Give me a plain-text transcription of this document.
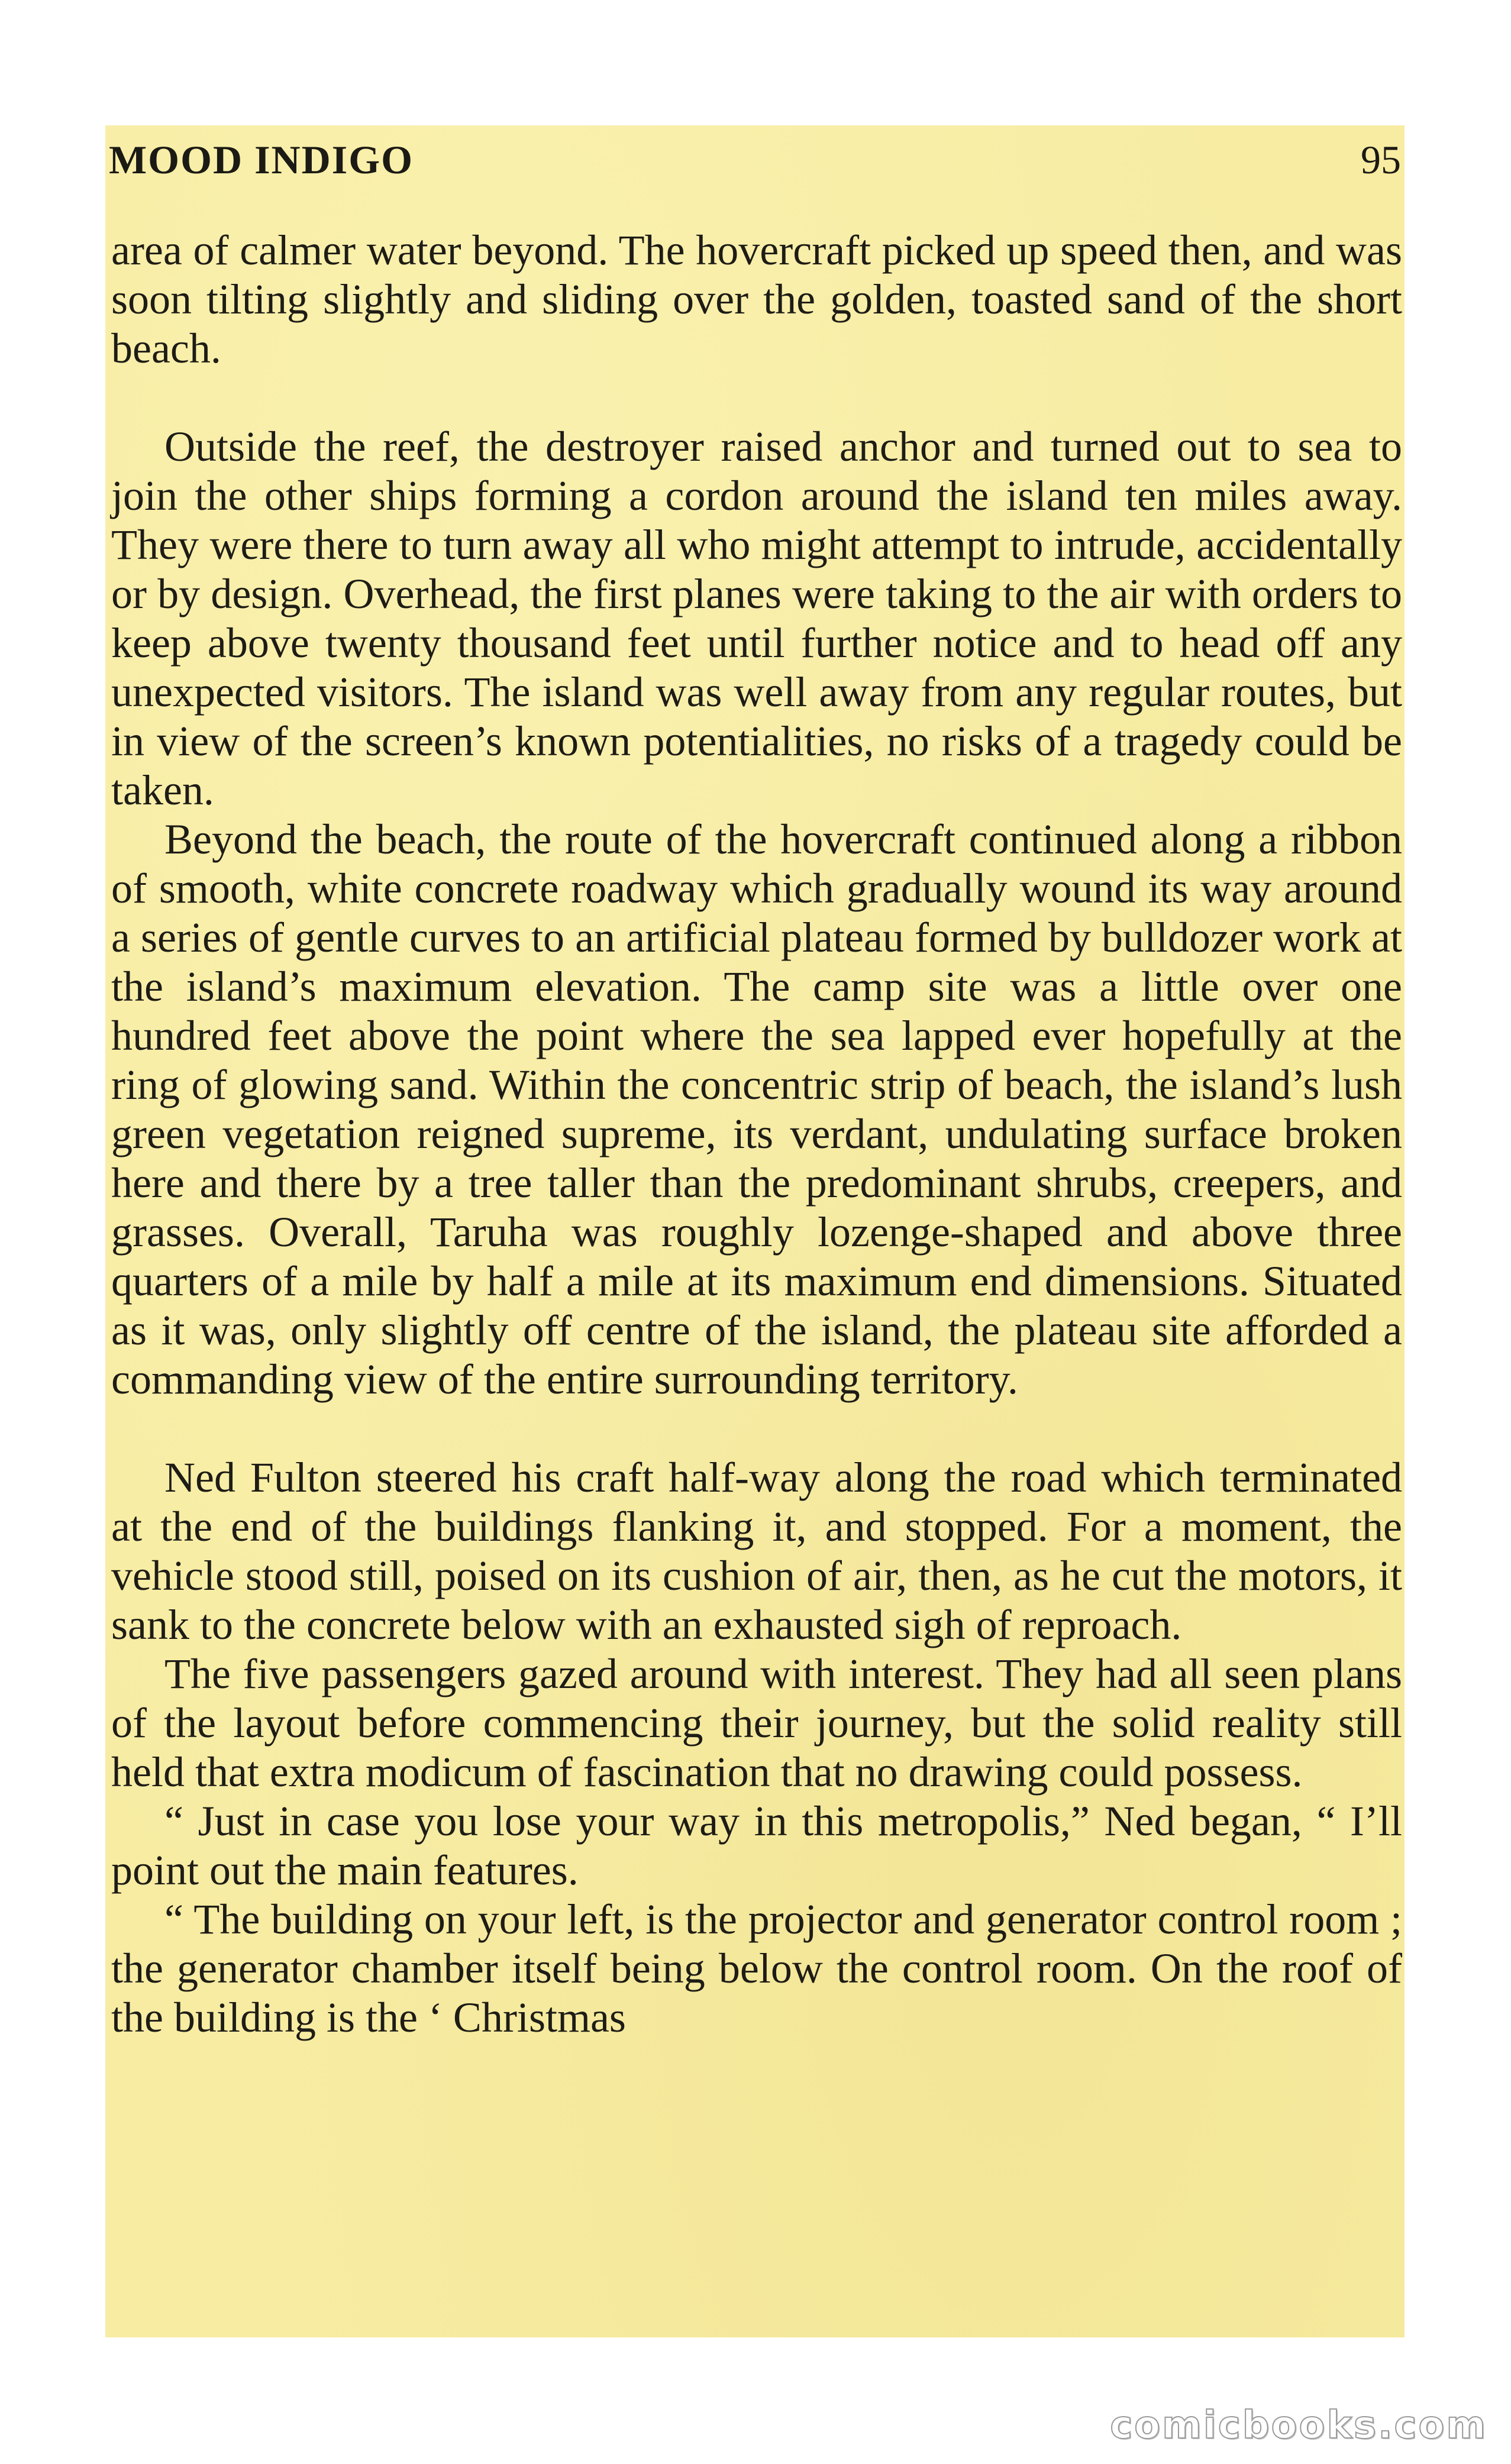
MOOD INDIGO	95

area of calmer water beyond. The hovercraft picked up speed then, and was soon tilting slightly and sliding over the golden, toasted sand of the short beach.

Outside the reef, the destroyer raised anchor and turned out to sea to join the other ships forming a cordon around the island ten miles away. They were there to turn away all who might attempt to intrude, accidentally or by design. Overhead, the first planes were taking to the air with orders to keep above twenty thousand feet until further notice and to head off any unexpected visitors. The island was well away from any regular routes, but in view of the screen’s known potentialities, no risks of a tragedy could be taken.

Beyond the beach, the route of the hovercraft continued along a ribbon of smooth, white concrete roadway which gradually wound its way around a series of gentle curves to an artificial plateau formed by bulldozer work at the island’s maximum elevation. The camp site was a little over one hundred feet above the point where the sea lapped ever hopefully at the ring of glowing sand. Within the concentric strip of beach, the island’s lush green vegetation reigned supreme, its verdant, undulating surface broken here and there by a tree taller than the predominant shrubs, creepers, and grasses. Overall, Taruha was roughly lozenge-shaped and above three quarters of a mile by half a mile at its maximum end dimensions. Situated as it was, only slightly off centre of the island, the plateau site afforded a commanding view of the entire surrounding territory.

Ned Fulton steered his craft half-way along the road which terminated at the end of the buildings flanking it, and stopped. For a moment, the vehicle stood still, poised on its cushion of air, then, as he cut the motors, it sank to the concrete below with an exhausted sigh of reproach.

The five passengers gazed around with interest. They had all seen plans of the layout before commencing their journey, but the solid reality still held that extra modicum of fascination that no drawing could possess.

“ Just in case you lose your way in this metropolis,” Ned began, “ I’ll point out the main features.

“ The building on your left, is the projector and generator control room ; the generator chamber itself being below the control room. On the roof of the building is the ‘ Christmas

comicbooks.com
